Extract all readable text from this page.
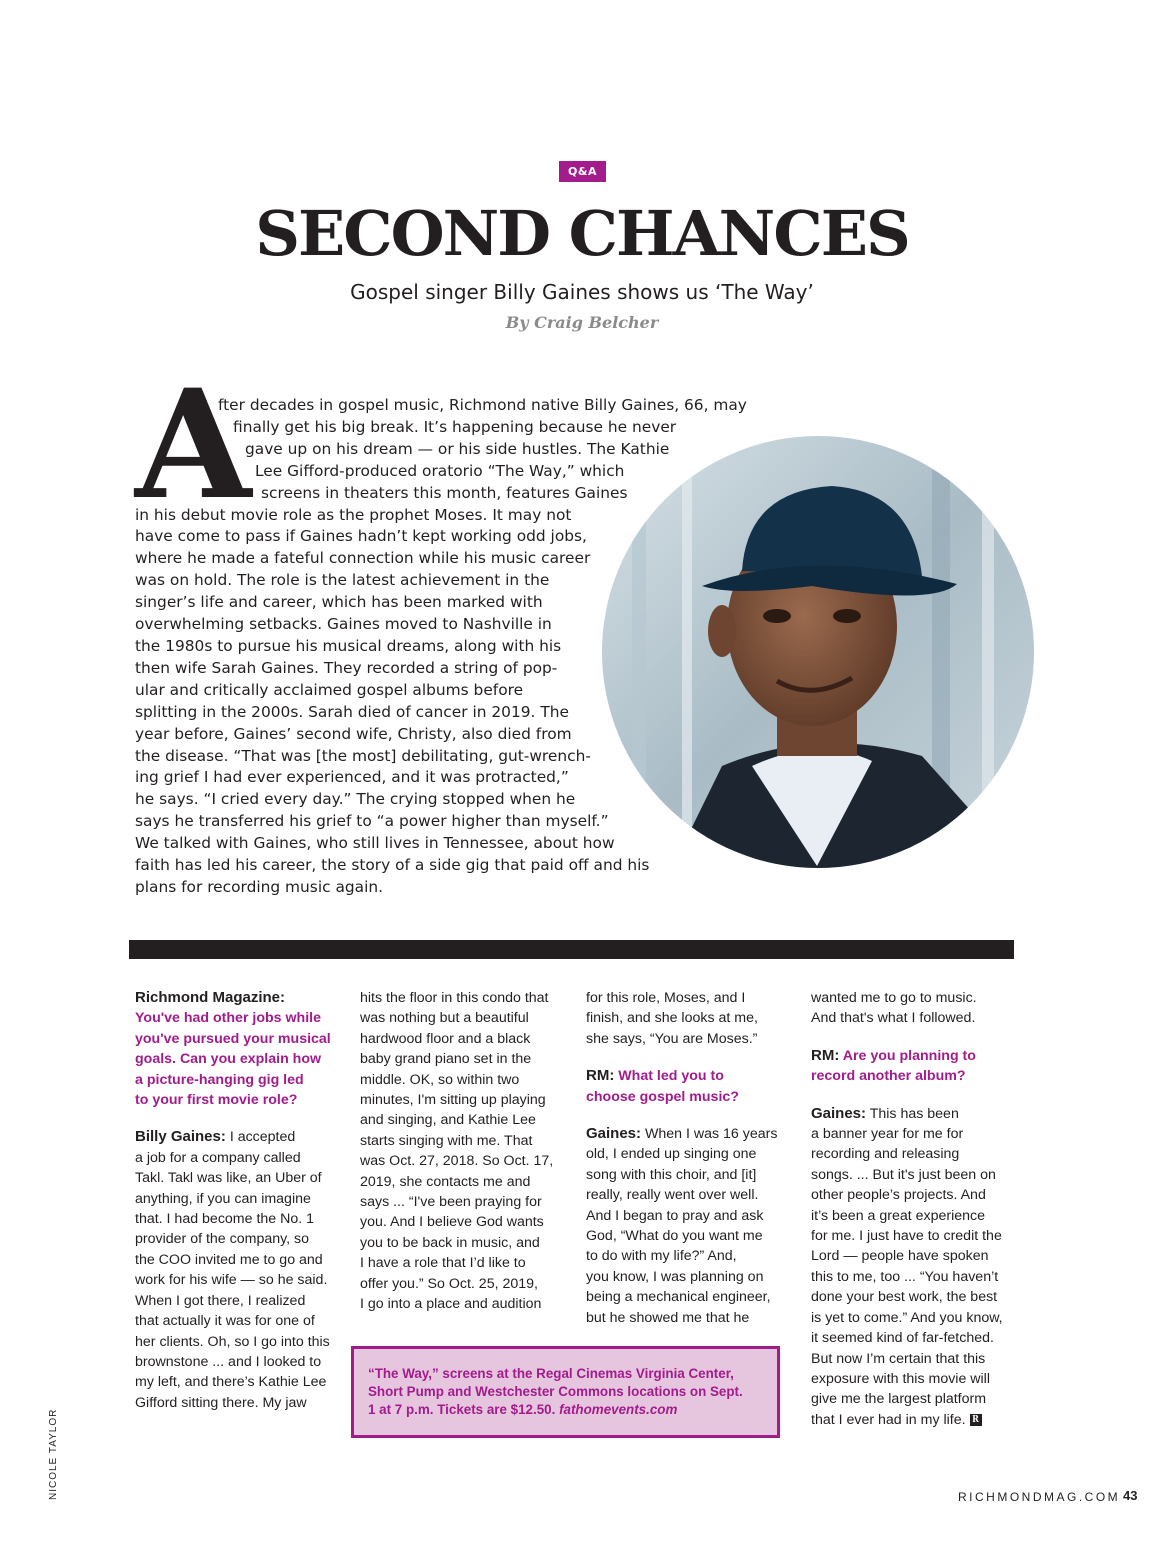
Q&A
SECOND CHANCES
Gospel singer Billy Gaines shows us ‘The Way’
By Craig Belcher
A
fter decades in gospel music, Richmond native Billy Gaines, 66, may
finally get his big break. It’s happening because he never
gave up on his dream — or his side hustles. The Kathie
Lee Gifford-produced oratorio “The Way,” which
screens in theaters this month, features Gaines
in his debut movie role as the prophet Moses. It may not
have come to pass if Gaines hadn’t kept working odd jobs,
where he made a fateful connection while his music career
was on hold. The role is the latest achievement in the
singer’s life and career, which has been marked with
overwhelming setbacks. Gaines moved to Nashville in
the 1980s to pursue his musical dreams, along with his
then wife Sarah Gaines. They recorded a string of pop-
ular and critically acclaimed gospel albums before
splitting in the 2000s. Sarah died of cancer in 2019. The
year before, Gaines’ second wife, Christy, also died from
the disease. “That was [the most] debilitating, gut-wrench-
ing grief I had ever experienced, and it was protracted,”
he says. “I cried every day.” The crying stopped when he
says he transferred his grief to “a power higher than myself.”
We talked with Gaines, who still lives in Tennessee, about how
faith has led his career, the story of a side gig that paid off and his
plans for recording music again.

Richmond Magazine:
You've had other jobs while
you've pursued your musical
goals. Can you explain how
a picture-hanging gig led
to your first movie role?

Billy Gaines: I accepted
a job for a company called
Takl. Takl was like, an Uber of
anything, if you can imagine
that. I had become the No. 1
provider of the company, so
the COO invited me to go and
work for his wife — so he said.
When I got there, I realized
that actually it was for one of
her clients. Oh, so I go into this
brownstone ... and I looked to
my left, and there’s Kathie Lee
Gifford sitting there. My jaw

hits the floor in this condo that
was nothing but a beautiful
hardwood floor and a black
baby grand piano set in the
middle. OK, so within two
minutes, I'm sitting up playing
and singing, and Kathie Lee
starts singing with me. That
was Oct. 27, 2018. So Oct. 17,
2019, she contacts me and
says ... “I've been praying for
you. And I believe God wants
you to be back in music, and
I have a role that I’d like to
offer you.” So Oct. 25, 2019,
I go into a place and audition

for this role, Moses, and I
finish, and she looks at me,
she says, “You are Moses.”

RM: What led you to
choose gospel music?

Gaines: When I was 16 years
old, I ended up singing one
song with this choir, and [it]
really, really went over well.
And I began to pray and ask
God, “What do you want me
to do with my life?” And,
you know, I was planning on
being a mechanical engineer,
but he showed me that he

wanted me to go to music.
And that's what I followed.

RM: Are you planning to
record another album?

Gaines: This has been
a banner year for me for
recording and releasing
songs. ... But it's just been on
other people’s projects. And
it’s been a great experience
for me. I just have to credit the
Lord — people have spoken
this to me, too ... “You haven’t
done your best work, the best
is yet to come.” And you know,
it seemed kind of far-fetched.
But now I’m certain that this
exposure with this movie will
give me the largest platform
that I ever had in my life. R

“The Way,” screens at the Regal Cinemas Virginia Center,
Short Pump and Westchester Commons locations on Sept.
1 at 7 p.m. Tickets are $12.50. fathomevents.com
NICOLE TAYLOR	RICHMONDMAG.COM 43
